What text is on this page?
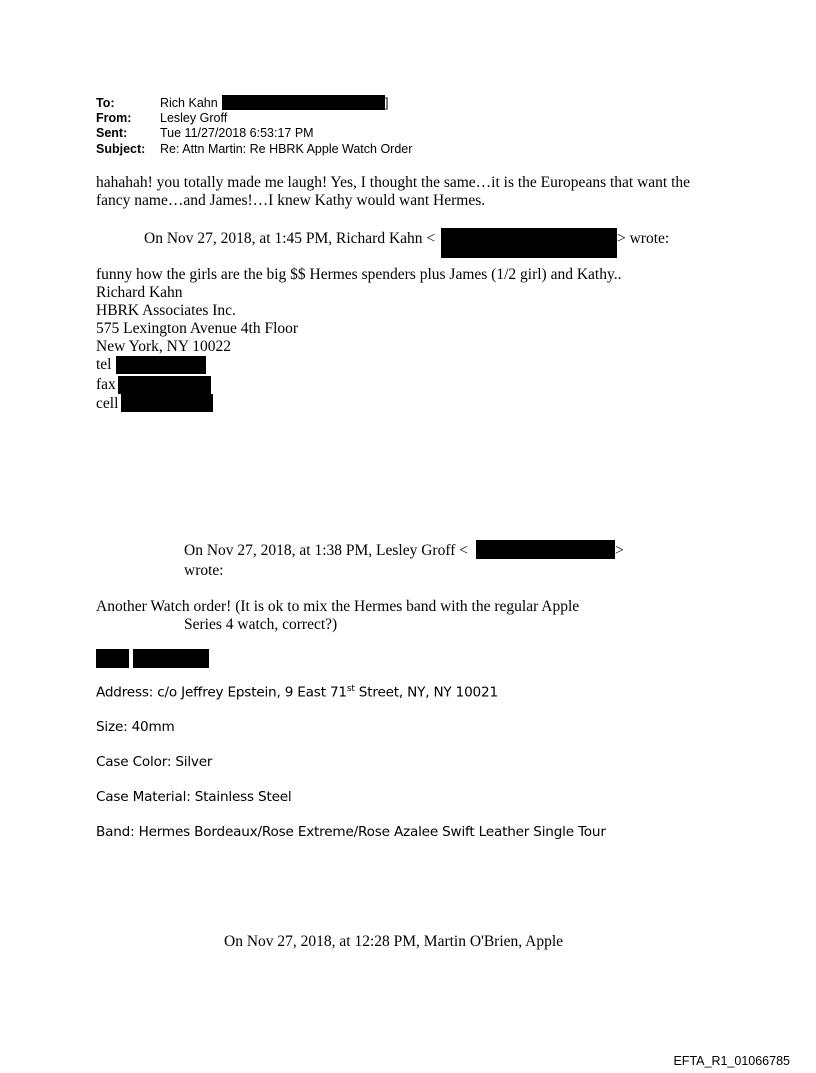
To:	Rich Kahn	]
From: Lesley Groff
Sent:	Tue 11/27/2018 6:53:17 PM
Subject: Re: Attn Martin: Re HBRK Apple Watch Order
hahahah! you totally made me laugh! Yes, I thought the same…it is the Europeans that want the
fancy name…and James!…I knew Kathy would want Hermes.
On Nov 27, 2018, at 1:45 PM, Richard Kahn <	> wrote:
funny how the girls are the big $$ Hermes spenders plus James (1/2 girl) and Kathy..
Richard Kahn
HBRK Associates Inc.
575 Lexington Avenue 4th Floor
New York, NY 10022
tel
fax
cell
On Nov 27, 2018, at 1:38 PM, Lesley Groff <	>
wrote:
Another Watch order! (It is ok to mix the Hermes band with the regular Apple
Series 4 watch, correct?)
Address: c/o Jeffrey Epstein, 9 East 71st Street, NY, NY 10021
Size: 40mm
Case Color: Silver
Case Material: Stainless Steel
Band: Hermes Bordeaux/Rose Extreme/Rose Azalee Swift Leather Single Tour
On Nov 27, 2018, at 12:28 PM, Martin O'Brien, Apple
EFTA_R1_01066785
